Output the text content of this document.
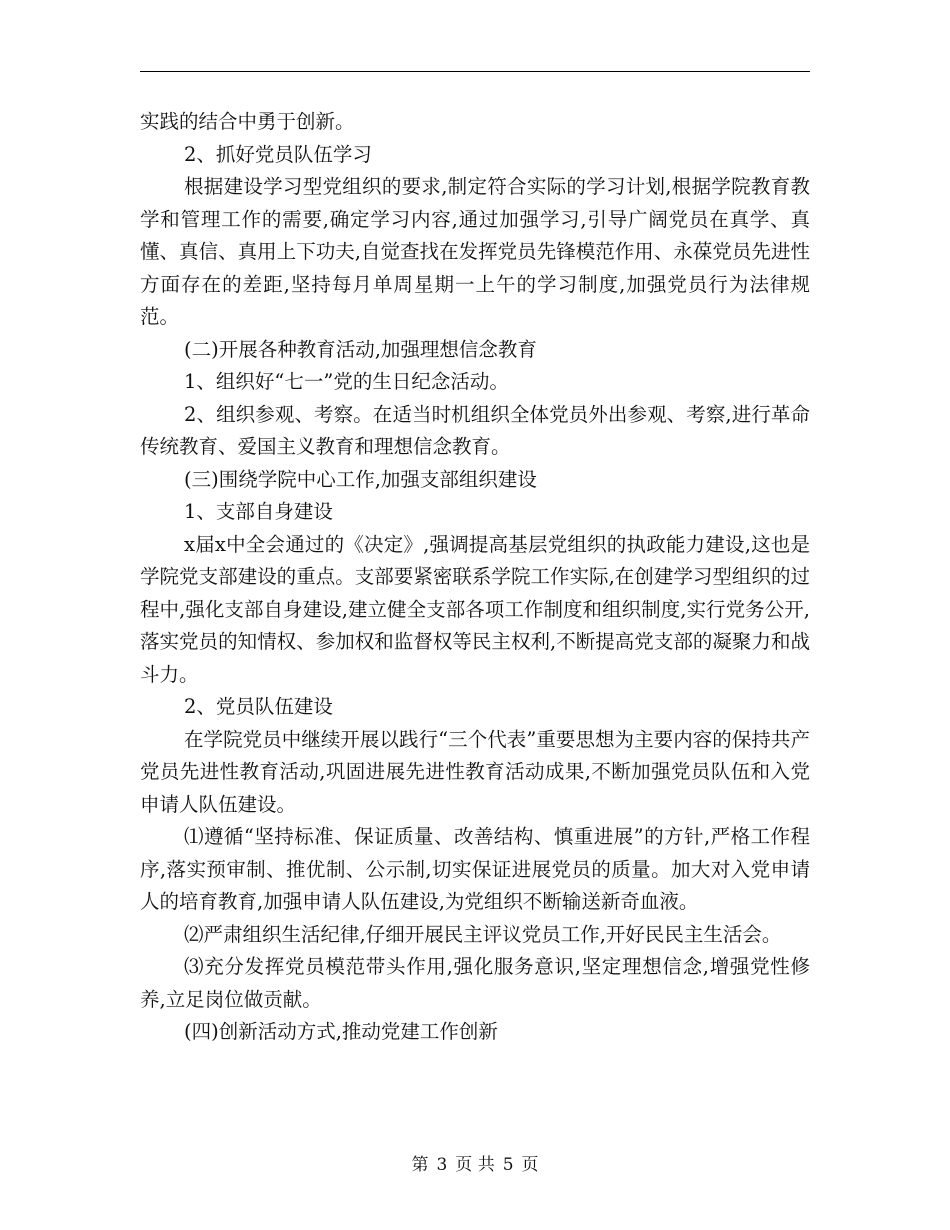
实践的结合中勇于创新。

2、抓好党员队伍学习

根据建设学习型党组织的要求,制定符合实际的学习计划,根据学院教育教学和管理工作的需要,确定学习内容,通过加强学习,引导广阔党员在真学、真懂、真信、真用上下功夫,自觉查找在发挥党员先锋模范作用、永葆党员先进性方面存在的差距,坚持每月单周星期一上午的学习制度,加强党员行为法律规范。

(二)开展各种教育活动,加强理想信念教育

1、组织好“七一”党的生日纪念活动。

2、组织参观、考察。在适当时机组织全体党员外出参观、考察,进行革命传统教育、爱国主义教育和理想信念教育。

(三)围绕学院中心工作,加强支部组织建设

1、支部自身建设

x届x中全会通过的《决定》,强调提高基层党组织的执政能力建设,这也是学院党支部建设的重点。支部要紧密联系学院工作实际,在创建学习型组织的过程中,强化支部自身建设,建立健全支部各项工作制度和组织制度,实行党务公开,落实党员的知情权、参加权和监督权等民主权利,不断提高党支部的凝聚力和战斗力。

2、党员队伍建设

在学院党员中继续开展以践行“三个代表”重要思想为主要内容的保持共产党员先进性教育活动,巩固进展先进性教育活动成果,不断加强党员队伍和入党申请人队伍建设。

⑴遵循“坚持标准、保证质量、改善结构、慎重进展”的方针,严格工作程序,落实预审制、推优制、公示制,切实保证进展党员的质量。加大对入党申请人的培育教育,加强申请人队伍建设,为党组织不断输送新奇血液。

⑵严肃组织生活纪律,仔细开展民主评议党员工作,开好民民主生活会。

⑶充分发挥党员模范带头作用,强化服务意识,坚定理想信念,增强党性修养,立足岗位做贡献。

(四)创新活动方式,推动党建工作创新

第 3 页 共 5 页
